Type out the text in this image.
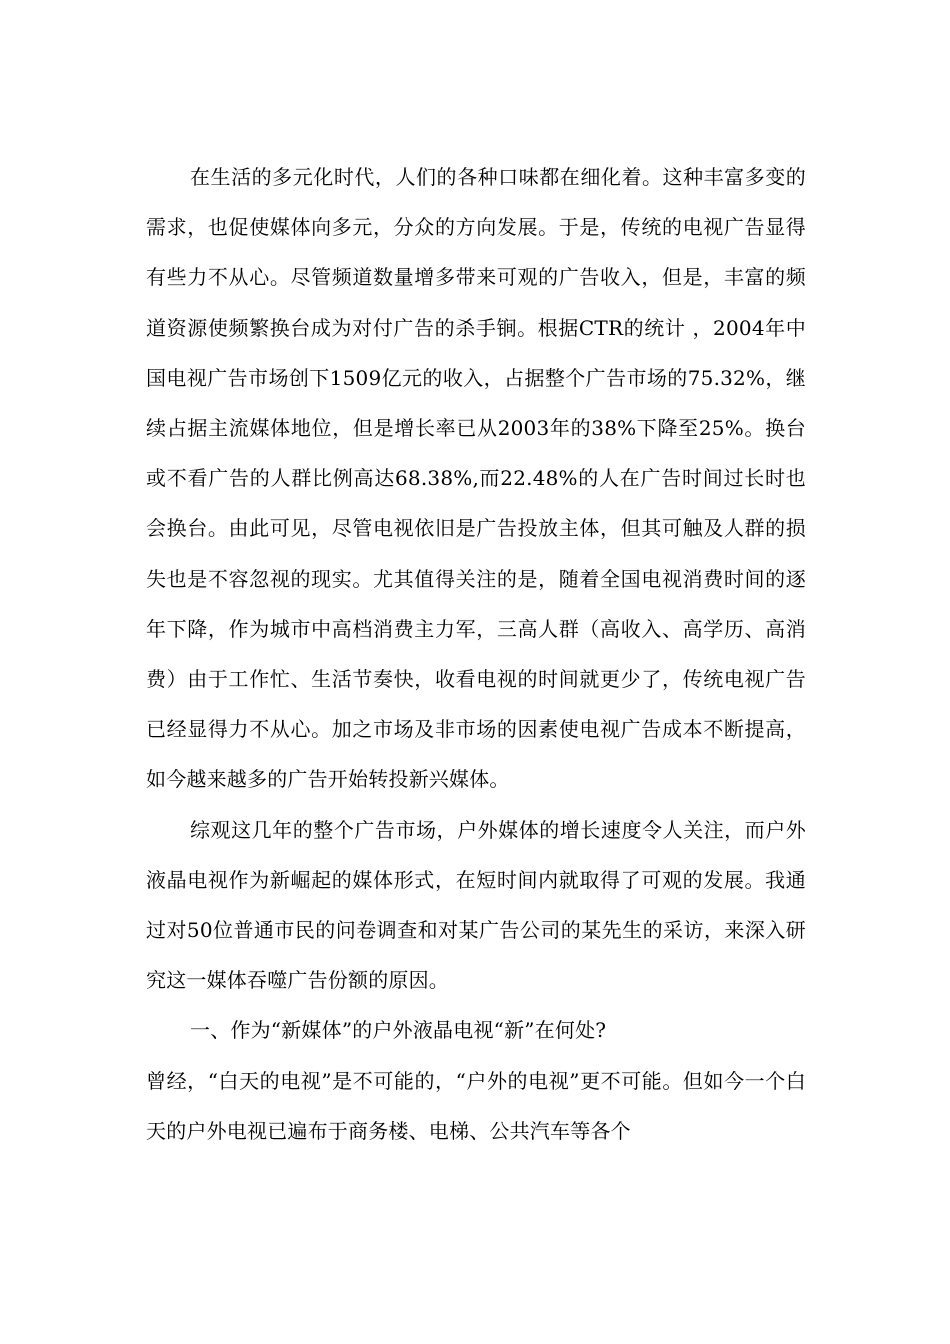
在生活的多元化时代，人们的各种口味都在细化着。这种丰富多变的需求，也促使媒体向多元，分众的方向发展。于是，传统的电视广告显得有些力不从心。尽管频道数量增多带来可观的广告收入，但是，丰富的频道资源使频繁换台成为对付广告的杀手锏。根据CTR的统计 ，2004年中国电视广告市场创下1509亿元的收入，占据整个广告市场的75.32%，继续占据主流媒体地位，但是增长率已从2003年的38%下降至25%。换台或不看广告的人群比例高达68.38%,而22.48%的人在广告时间过长时也会换台。由此可见，尽管电视依旧是广告投放主体，但其可触及人群的损失也是不容忽视的现实。尤其值得关注的是，随着全国电视消费时间的逐年下降，作为城市中高档消费主力军，三高人群（高收入、高学历、高消费）由于工作忙、生活节奏快，收看电视的时间就更少了，传统电视广告已经显得力不从心。加之市场及非市场的因素使电视广告成本不断提高，如今越来越多的广告开始转投新兴媒体。

综观这几年的整个广告市场，户外媒体的增长速度令人关注，而户外液晶电视作为新崛起的媒体形式，在短时间内就取得了可观的发展。我通过对50位普通市民的问卷调查和对某广告公司的某先生的采访，来深入研究这一媒体吞噬广告份额的原因。

一、作为“新媒体”的户外液晶电视“新”在何处?

曾经，“白天的电视”是不可能的，“户外的电视”更不可能。但如今一个白天的户外电视已遍布于商务楼、电梯、公共汽车等各个
